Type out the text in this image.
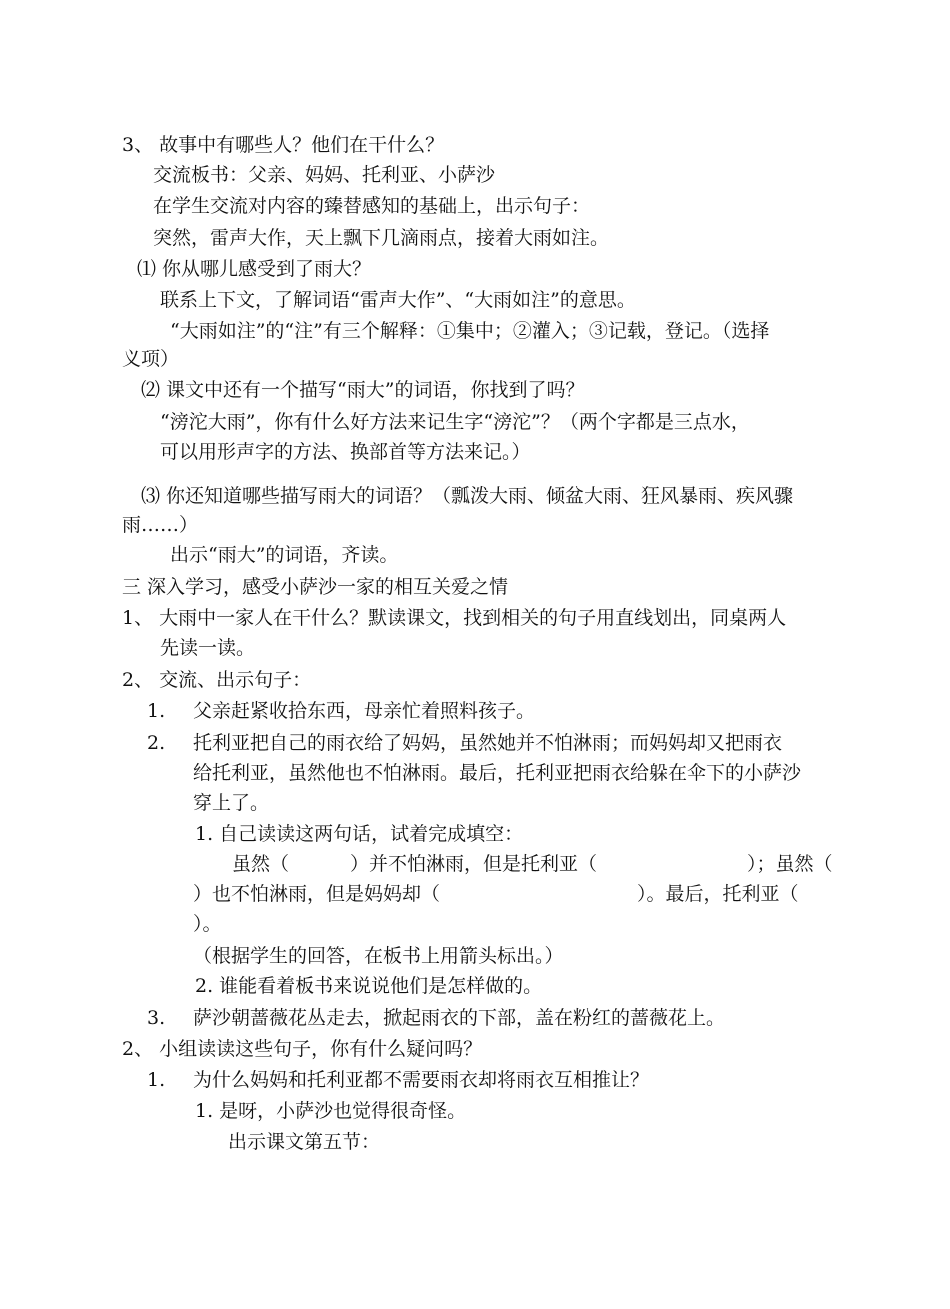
3、 故事中有哪些人？他们在干什么？
交流板书：父亲、妈妈、托利亚、小萨沙
在学生交流对内容的臻替感知的基础上，出示句子：
突然，雷声大作，天上飘下几滴雨点，接着大雨如注。
⑴ 你从哪儿感受到了雨大？
联系上下文，了解词语“雷声大作”、“大雨如注”的意思。
“大雨如注”的“注”有三个解释：①集中；②灌入；③记载，登记。（选择
义项）
⑵ 课文中还有一个描写“雨大”的词语，你找到了吗？
“滂沱大雨”，你有什么好方法来记生字“滂沱”？（两个字都是三点水，
可以用形声字的方法、换部首等方法来记。）
⑶ 你还知道哪些描写雨大的词语？（瓢泼大雨、倾盆大雨、狂风暴雨、疾风骤
雨……）
出示“雨大”的词语，齐读。
三 深入学习，感受小萨沙一家的相互关爱之情
1、 大雨中一家人在干什么？默读课文，找到相关的句子用直线划出，同桌两人
先读一读。
2、 交流、出示句子：
1. 父亲赶紧收拾东西，母亲忙着照料孩子。
2. 托利亚把自己的雨衣给了妈妈，虽然她并不怕淋雨；而妈妈却又把雨衣
给托利亚，虽然他也不怕淋雨。最后，托利亚把雨衣给躲在伞下的小萨沙
穿上了。
1. 自己读读这两句话，试着完成填空：
虽然（	）并不怕淋雨，但是托利亚（	）；虽然（
）也不怕淋雨，但是妈妈却（	）。最后，托利亚（
）。
（根据学生的回答，在板书上用箭头标出。）
2. 谁能看着板书来说说他们是怎样做的。
3. 萨沙朝蔷薇花丛走去，掀起雨衣的下部，盖在粉红的蔷薇花上。
2、 小组读读这些句子，你有什么疑问吗？
1. 为什么妈妈和托利亚都不需要雨衣却将雨衣互相推让？
1. 是呀，小萨沙也觉得很奇怪。
出示课文第五节：
